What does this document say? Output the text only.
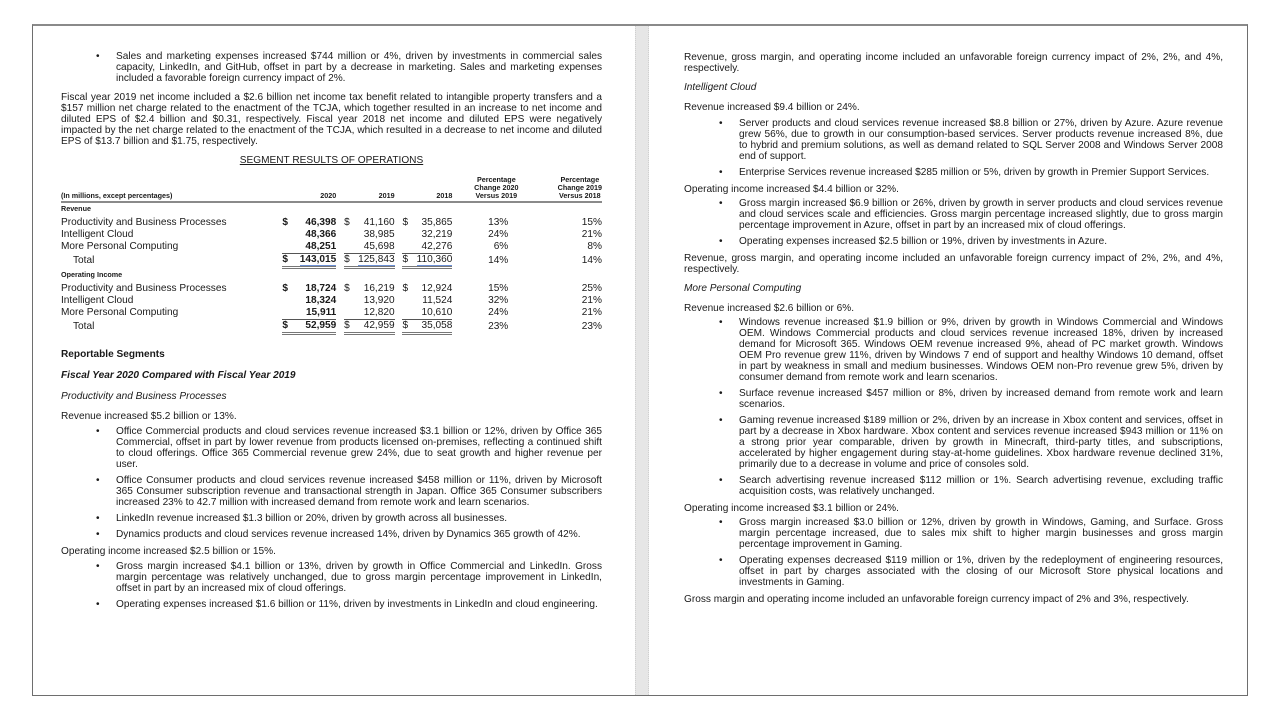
• Sales and marketing expenses increased $744 million or 4%, driven by investments in commercial sales capacity, LinkedIn, and GitHub, offset in part by a decrease in marketing. Sales and marketing expenses included a favorable foreign currency impact of 2%.

Fiscal year 2019 net income included a $2.6 billion net income tax benefit related to intangible property transfers and a $157 million net charge related to the enactment of the TCJA, which together resulted in an increase to net income and diluted EPS of $2.4 billion and $0.31, respectively. Fiscal year 2018 net income and diluted EPS were negatively impacted by the net charge related to the enactment of the TCJA, which resulted in a decrease to net income and diluted EPS of $13.7 billion and $1.75, respectively.

SEGMENT RESULTS OF OPERATIONS
(In millions, except percentages)		2020			2019			2018	
Percentage
Change 2020
Versus 2019

Percentage
Change 2019
Versus 2018

Revenue										
Productivity and Business Processes	$	46,398		$	41,160		$	35,865	13%	15%
Intelligent Cloud		48,366			38,985			32,219	24%	21%
More Personal Computing		48,251			45,698			42,276	6%	8%
Total	$	143,015		$	125,843		$	110,360	14%	14%
Operating Income										
Productivity and Business Processes	$	18,724		$	16,219		$	12,924	15%	25%
Intelligent Cloud		18,324			13,920			11,524	32%	21%
More Personal Computing		15,911			12,820			10,610	24%	21%
Total	$	52,959		$	42,959		$	35,058	23%	23%
Reportable Segments
Fiscal Year 2020 Compared with Fiscal Year 2019
Productivity and Business Processes

Revenue increased $5.2 billion or 13%.

• Office Commercial products and cloud services revenue increased $3.1 billion or 12%, driven by Office 365 Commercial, offset in part by lower revenue from products licensed on-premises, reflecting a continued shift to cloud offerings. Office 365 Commercial revenue grew 24%, due to seat growth and higher revenue per user.
• Office Consumer products and cloud services revenue increased $458 million or 11%, driven by Microsoft 365 Consumer subscription revenue and transactional strength in Japan. Office 365 Consumer subscribers increased 23% to 42.7 million with increased demand from remote work and learn scenarios.
• LinkedIn revenue increased $1.3 billion or 20%, driven by growth across all businesses.
• Dynamics products and cloud services revenue increased 14%, driven by Dynamics 365 growth of 42%.

Operating income increased $2.5 billion or 15%.

• Gross margin increased $4.1 billion or 13%, driven by growth in Office Commercial and LinkedIn. Gross margin percentage was relatively unchanged, due to gross margin percentage improvement in LinkedIn, offset in part by an increased mix of cloud offerings.
• Operating expenses increased $1.6 billion or 11%, driven by investments in LinkedIn and cloud engineering.

Revenue, gross margin, and operating income included an unfavorable foreign currency impact of 2%, 2%, and 4%, respectively.

Intelligent Cloud

Revenue increased $9.4 billion or 24%.

• Server products and cloud services revenue increased $8.8 billion or 27%, driven by Azure. Azure revenue grew 56%, due to growth in our consumption-based services. Server products revenue increased 8%, due to hybrid and premium solutions, as well as demand related to SQL Server 2008 and Windows Server 2008 end of support.
• Enterprise Services revenue increased $285 million or 5%, driven by growth in Premier Support Services.

Operating income increased $4.4 billion or 32%.

• Gross margin increased $6.9 billion or 26%, driven by growth in server products and cloud services revenue and cloud services scale and efficiencies. Gross margin percentage increased slightly, due to gross margin percentage improvement in Azure, offset in part by an increased mix of cloud offerings.
• Operating expenses increased $2.5 billion or 19%, driven by investments in Azure.

Revenue, gross margin, and operating income included an unfavorable foreign currency impact of 2%, 2%, and 4%, respectively.

More Personal Computing

Revenue increased $2.6 billion or 6%.

• Windows revenue increased $1.9 billion or 9%, driven by growth in Windows Commercial and Windows OEM. Windows Commercial products and cloud services revenue increased 18%, driven by increased demand for Microsoft 365. Windows OEM revenue increased 9%, ahead of PC market growth. Windows OEM Pro revenue grew 11%, driven by Windows 7 end of support and healthy Windows 10 demand, offset in part by weakness in small and medium businesses. Windows OEM non-Pro revenue grew 5%, driven by consumer demand from remote work and learn scenarios.
• Surface revenue increased $457 million or 8%, driven by increased demand from remote work and learn scenarios.
• Gaming revenue increased $189 million or 2%, driven by an increase in Xbox content and services, offset in part by a decrease in Xbox hardware. Xbox content and services revenue increased $943 million or 11% on a strong prior year comparable, driven by growth in Minecraft, third-party titles, and subscriptions, accelerated by higher engagement during stay-at-home guidelines. Xbox hardware revenue declined 31%, primarily due to a decrease in volume and price of consoles sold.
• Search advertising revenue increased $112 million or 1%. Search advertising revenue, excluding traffic acquisition costs, was relatively unchanged.

Operating income increased $3.1 billion or 24%.

• Gross margin increased $3.0 billion or 12%, driven by growth in Windows, Gaming, and Surface. Gross margin percentage increased, due to sales mix shift to higher margin businesses and gross margin percentage improvement in Gaming.
• Operating expenses decreased $119 million or 1%, driven by the redeployment of engineering resources, offset in part by charges associated with the closing of our Microsoft Store physical locations and investments in Gaming.

Gross margin and operating income included an unfavorable foreign currency impact of 2% and 3%, respectively.
